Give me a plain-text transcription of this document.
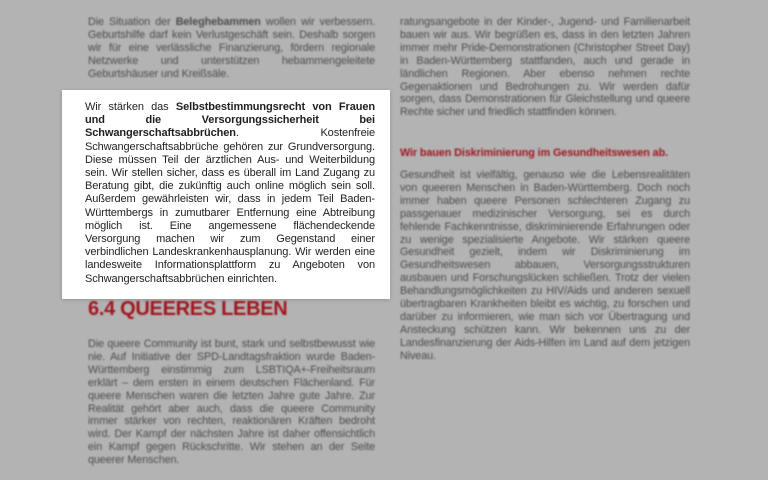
Die Situation der Beleghebammen wollen wir verbessern. Geburtshilfe darf kein Verlustgeschäft sein. Deshalb sorgen wir für eine verlässliche Finanzierung, fördern regionale Netzwerke und unterstützen hebammengeleitete Geburtshäuser und Kreißsäle.

Wir stärken das Selbstbestimmungsrecht von Frauen und die Versorgungssicherheit bei Schwangerschaftsabbrüchen. Kostenfreie Schwangerschaftsabbrüche gehören zur Grundversorgung. Diese müssen Teil der ärztlichen Aus- und Weiterbildung sein. Wir stellen sicher, dass es überall im Land Zugang zu Beratung gibt, die zukünftig auch online möglich sein soll. Außerdem gewährleisten wir, dass in jedem Teil Baden-Württembergs in zumutbarer Entfernung eine Abtreibung möglich ist. Eine angemessene flächendeckende Versorgung machen wir zum Gegenstand einer verbindlichen Landeskrankenhausplanung. Wir werden eine landesweite Informationsplattform zu Angeboten von Schwangerschaftsabbrüchen einrichten.

6.4 QUEERES LEBEN

Die queere Community ist bunt, stark und selbstbewusst wie nie. Auf Initiative der SPD-Landtagsfraktion wurde Baden-Württemberg einstimmig zum LSBTIQA+-Freiheitsraum erklärt – dem ersten in einem deutschen Flächenland. Für queere Menschen waren die letzten Jahre gute Jahre. Zur Realität gehört aber auch, dass die queere Community immer stärker von rechten, reaktionären Kräften bedroht wird. Der Kampf der nächsten Jahre ist daher offensichtlich ein Kampf gegen Rückschritte. Wir stehen an der Seite queerer Menschen.

ratungsangebote in der Kinder-, Jugend- und Familienarbeit bauen wir aus. Wir begrüßen es, dass in den letzten Jahren immer mehr Pride-Demonstrationen (Christopher Street Day) in Baden-Württemberg stattfanden, auch und gerade in ländlichen Regionen. Aber ebenso nehmen rechte Gegenaktionen und Bedrohungen zu. Wir werden dafür sorgen, dass Demonstrationen für Gleichstellung und queere Rechte sicher und friedlich stattfinden können.

Wir bauen Diskriminierung im Gesundheitswesen ab.

Gesundheit ist vielfältig, genauso wie die Lebensrealitäten von queeren Menschen in Baden-Württemberg. Doch noch immer haben queere Personen schlechteren Zugang zu passgenauer medizinischer Versorgung, sei es durch fehlende Fachkenntnisse, diskriminierende Erfahrungen oder zu wenige spezialisierte Angebote. Wir stärken queere Gesundheit gezielt, indem wir Diskriminierung im Gesundheitswesen abbauen, Versorgungsstrukturen ausbauen und Forschungslücken schließen. Trotz der vielen Behandlungsmöglichkeiten zu HIV/Aids und anderen sexuell übertragbaren Krankheiten bleibt es wichtig, zu forschen und darüber zu informieren, wie man sich vor Übertragung und Ansteckung schützen kann. Wir bekennen uns zu der Landesfinanzierung der Aids-Hilfen im Land auf dem jetzigen Niveau.
